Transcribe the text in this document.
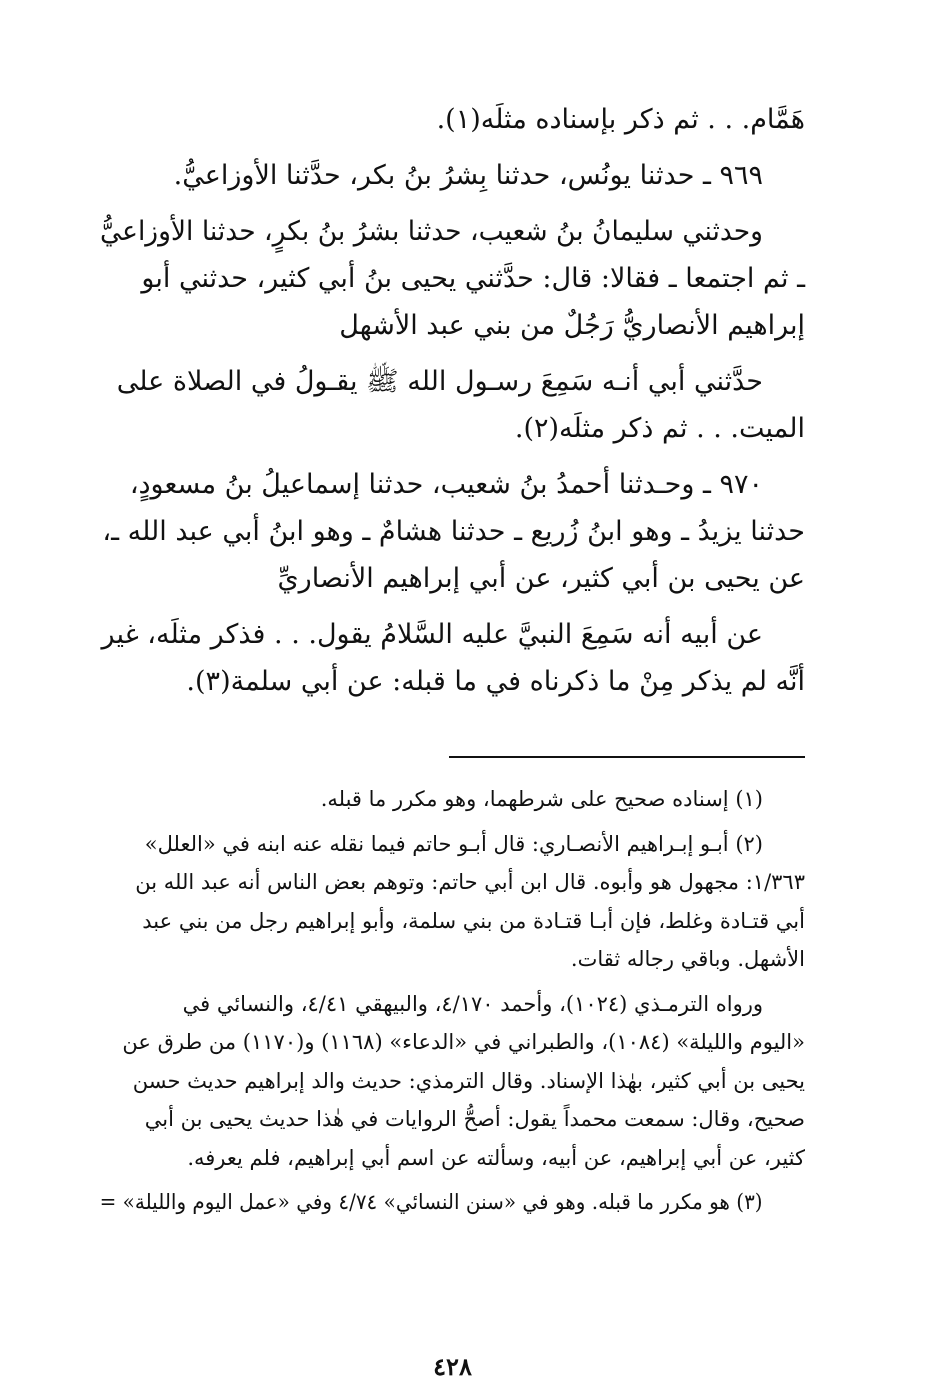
هَمَّام. . . ثم ذكر بإسناده مثلَه(١).

٩٦٩ ـ حدثنا يونُس، حدثنا بِشرُ بنُ بكر، حدَّثنا الأوزاعيُّ.

وحدثني سليمانُ بنُ شعيب، حدثنا بشرُ بنُ بكرٍ، حدثنا الأوزاعيُّ
ـ ثم اجتمعا ـ فقالا: قال: حدَّثني يحيى بنُ أبي كثير، حدثني أبو
إبراهيم الأنصاريُّ رَجُلٌ من بني عبد الأشهل

حدَّثني أبي أنـه سَمِعَ رسـول الله ﷺ يقـولُ في الصلاة على
الميت. . . ثم ذكر مثلَه(٢).

٩٧٠ ـ وحـدثنا أحمدُ بنُ شعيب، حدثنا إسماعيلُ بنُ مسعودٍ،
حدثنا يزيدُ ـ وهو ابنُ زُريع ـ حدثنا هشامٌ ـ وهو ابنُ أبي عبد الله ـ،
عن يحيى بن أبي كثير، عن أبي إبراهيم الأنصاريِّ

عن أبيه أنه سَمِعَ النبيَّ عليه السَّلامُ يقول. . . فذكر مثلَه، غير
أنَّه لم يذكر مِنْ ما ذكرناه في ما قبله: عن أبي سلمة(٣).

(١) إسناده صحيح على شرطهما، وهو مكرر ما قبله.

(٢) أبـو إبـراهيم الأنصـاري: قال أبـو حاتم فيما نقله عنه ابنه في «العلل»
١/٣٦٣: مجهول هو وأبوه. قال ابن أبي حاتم: وتوهم بعض الناس أنه عبد الله بن
أبي قتـادة وغلط، فإن أبـا قتـادة من بني سلمة، وأبو إبراهيم رجل من بني عبد
الأشهل. وباقي رجاله ثقات.

ورواه الترمـذي (١٠٢٤)، وأحمد ٤/١٧٠، والبيهقي ٤/٤١، والنسائي في
«اليوم والليلة» (١٠٨٤)، والطبراني في «الدعاء» (١١٦٨) و(١١٧٠) من طرق عن
يحيى بن أبي كثير، بهٰذا الإسناد. وقال الترمذي: حديث والد إبراهيم حديث حسن
صحيح، وقال: سمعت محمداً يقول: أصحُّ الروايات في هٰذا حديث يحيى بن أبي
كثير، عن أبي إبراهيم، عن أبيه، وسألته عن اسم أبي إبراهيم، فلم يعرفه.

(٣) هو مكرر ما قبله. وهو في «سنن النسائي» ٤/٧٤ وفي «عمل اليوم والليلة» =

٤٢٨
